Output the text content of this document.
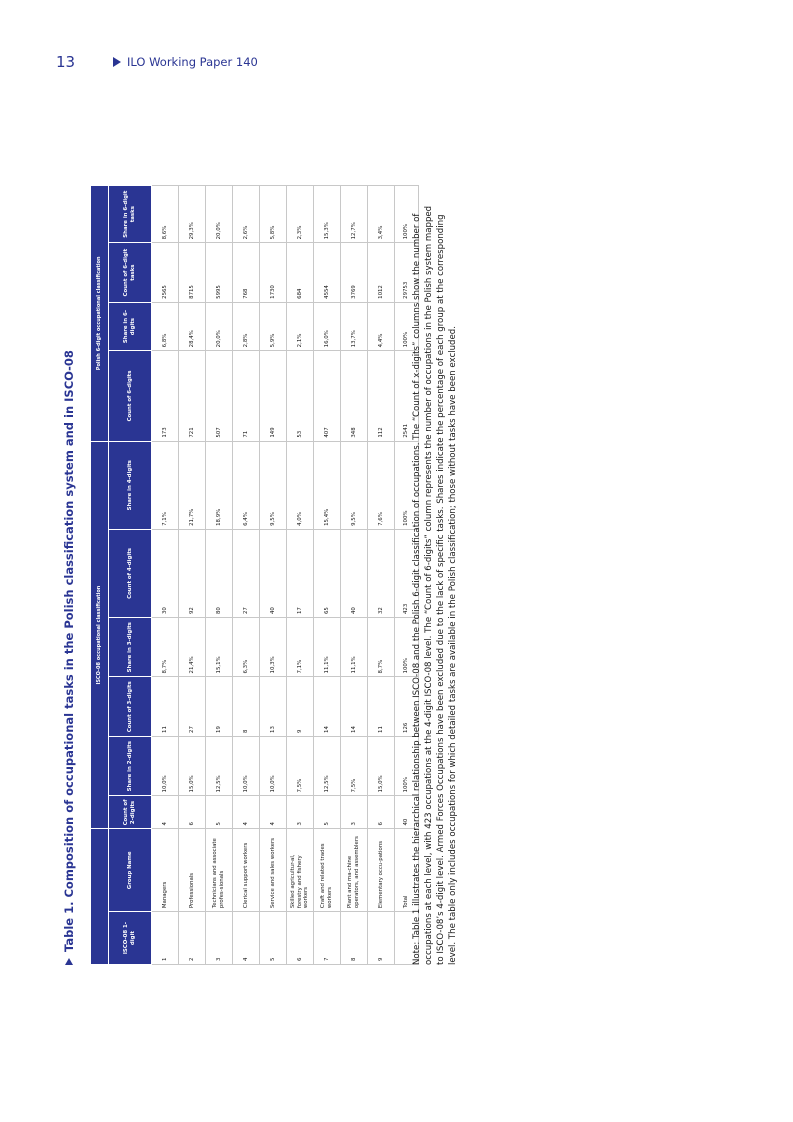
13	ILO Working Paper 140
Table 1. Composition of occupational tasks in the Polish classification system and in ISCO-08
		ISCO-08 occupational classification						Polish 6-digit occupational classification			
ISCO-08 1-digit	Group Name	Count of 2-digits	Share in 2-digits	Count of 3-digits	Share in 3-digits	Count of 4-digits	Share in 4-digits	Count of 6-digits	Share in 6-digits	Count of 6-digit tasks	Share in 6-digit tasks
1	Managers	4	10,0%	11	8,7%	30	7,1%	173	6,8%	2565	8,6%
2	Professionals	6	15,0%	27	21,4%	92	21,7%	721	28,4%	8715	29,3%
3	Technicians and associate profes-sionals	5	12,5%	19	15,1%	80	18,9%	507	20,0%	5995	20,0%
4	Clerical support workers	4	10,0%	8	6,3%	27	6,4%	71	2,8%	768	2,6%
5	Service and sales workers	4	10,0%	13	10,3%	40	9,5%	149	5,9%	1730	5,8%
6	Skilled agricultur-al, forestry and fishery workers	3	7,5%	9	7,1%	17	4,0%	53	2,1%	684	2,3%
7	Craft and related trades workers	5	12,5%	14	11,1%	65	15,4%	407	16,0%	4554	15,3%
8	Plant and ma-chine operators, and assemblers	3	7,5%	14	11,1%	40	9,5%	348	13,7%	3769	12,7%
9	Elementary occu-pations	6	15,0%	11	8,7%	32	7,6%	112	4,4%	1012	3,4%
	Total	40	100%	126	100%	423	100%	2541	100%	29753	100% Note: Table 1 illustrates the hierarchical relationship between ISCO-08 and the Polish 6-digit classification of occupations. The “Count of x-digits” columns show the number of occupations at each level, with 423 occupations at the 4-digit ISCO-08 level. The “Count of 6-digits” column represents the number of occupations in the Polish system mapped to ISCO-08’s 4-digit level. Armed Forces Occupations have been excluded due to the lack of specific tasks. Shares indicate the percentage of each group at the corresponding level. The table only includes occupations for which detailed tasks are available in the Polish classification; those without tasks have been excluded.
